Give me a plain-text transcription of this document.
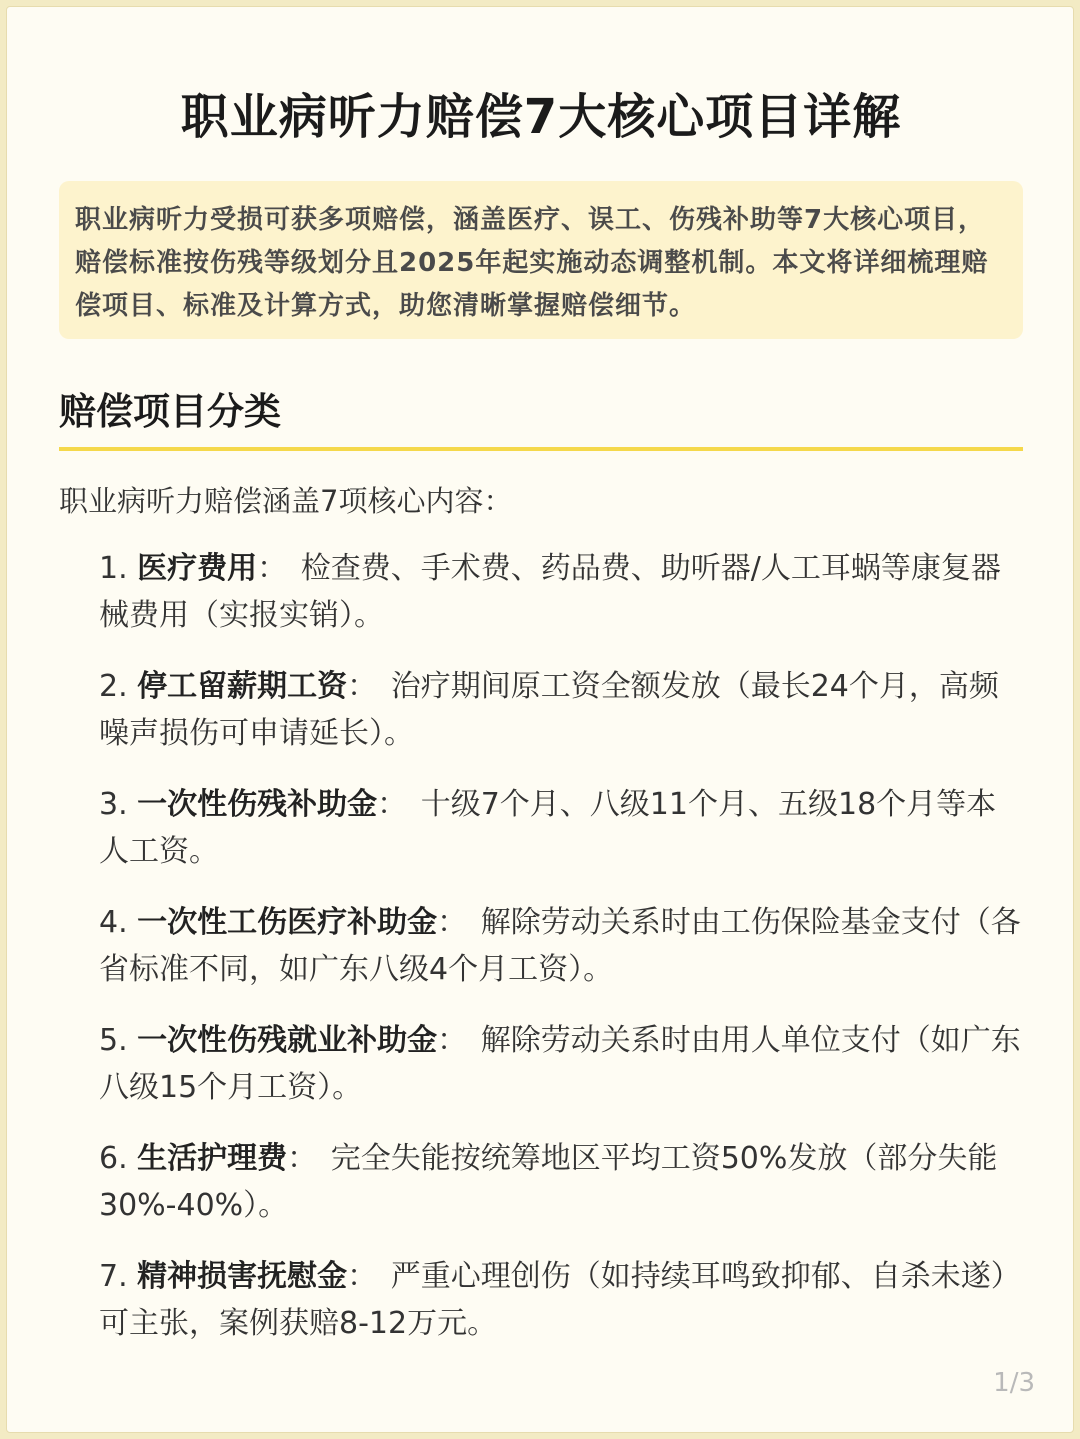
职业病听力赔偿7大核心项目详解
职业病听力受损可获多项赔偿，涵盖医疗、误工、伤残补助等7大核心项目，赔偿标准按伤残等级划分且2025年起实施动态调整机制。本文将详细梳理赔偿项目、标准及计算方式，助您清晰掌握赔偿细节。
赔偿项目分类
职业病听力赔偿涵盖7项核心内容：
1. 医疗费用： 检查费、手术费、药品费、助听器/人工耳蜗等康复器械费用（实报实销）。
2. 停工留薪期工资： 治疗期间原工资全额发放（最长24个月，高频噪声损伤可申请延长）。
3. 一次性伤残补助金： 十级7个月、八级11个月、五级18个月等本人工资。
4. 一次性工伤医疗补助金： 解除劳动关系时由工伤保险基金支付（各省标准不同，如广东八级4个月工资）。
5. 一次性伤残就业补助金： 解除劳动关系时由用人单位支付（如广东八级15个月工资）。
6. 生活护理费： 完全失能按统筹地区平均工资50%发放（部分失能30%-40%）。
7. 精神损害抚慰金： 严重心理创伤（如持续耳鸣致抑郁、自杀未遂）可主张，案例获赔8-12万元。
1/3
